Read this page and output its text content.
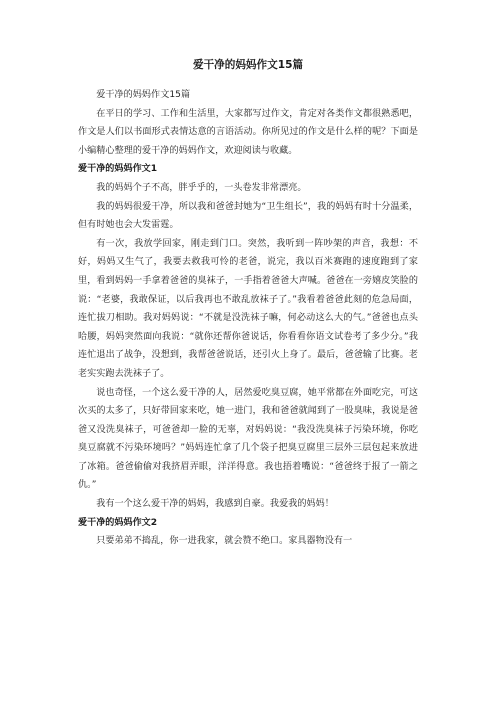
爱干净的妈妈作文15篇

爱干净的妈妈作文15篇

在平日的学习、工作和生活里，大家都写过作文，肯定对各类作文都很熟悉吧，作文是人们以书面形式表情达意的言语活动。你所见过的作文是什么样的呢？下面是小编精心整理的爱干净的妈妈作文，欢迎阅读与收藏。

爱干净的妈妈作文1

我的妈妈个子不高，胖乎乎的，一头卷发非常漂亮。

我的妈妈很爱干净，所以我和爸爸封她为“卫生组长”，我的妈妈有时十分温柔，但有时她也会大发雷霆。

有一次，我放学回家，刚走到门口。突然，我听到一阵吵架的声音，我想：不好，妈妈又生气了，我要去救我可怜的老爸，说完，我以百米赛跑的速度跑到了家里，看到妈妈一手拿着爸爸的臭袜子，一手指着爸爸大声喊。爸爸在一旁嬉皮笑脸的说：“老婆，我敢保证，以后我再也不敢乱放袜子了。”我看着爸爸此刻的危急局面，连忙拔刀相助。我对妈妈说：“不就是没洗袜子嘛，何必动这么大的气。”爸爸也点头哈腰，妈妈突然面向我说：“就你还帮你爸说话，你看看你语文试卷考了多少分。”我连忙退出了战争，没想到，我帮爸爸说话，还引火上身了。最后，爸爸输了比赛。老老实实跑去洗袜子了。

说也奇怪，一个这么爱干净的人，居然爱吃臭豆腐，她平常都在外面吃完，可这次买的太多了，只好带回家来吃，她一进门，我和爸爸就闻到了一股臭味，我说是爸爸又没洗臭袜子，可爸爸却一脸的无辜，对妈妈说：“我没洗臭袜子污染环境，你吃臭豆腐就不污染环境吗？”妈妈连忙拿了几个袋子把臭豆腐里三层外三层包起来放进了冰箱。爸爸偷偷对我挤眉弄眼，洋洋得意。我也捂着嘴说：“爸爸终于报了一箭之仇。”

我有一个这么爱干净的妈妈，我感到自豪。我爱我的妈妈！

爱干净的妈妈作文2

只要弟弟不捣乱，你一进我家，就会赞不绝口。家具器物没有一
